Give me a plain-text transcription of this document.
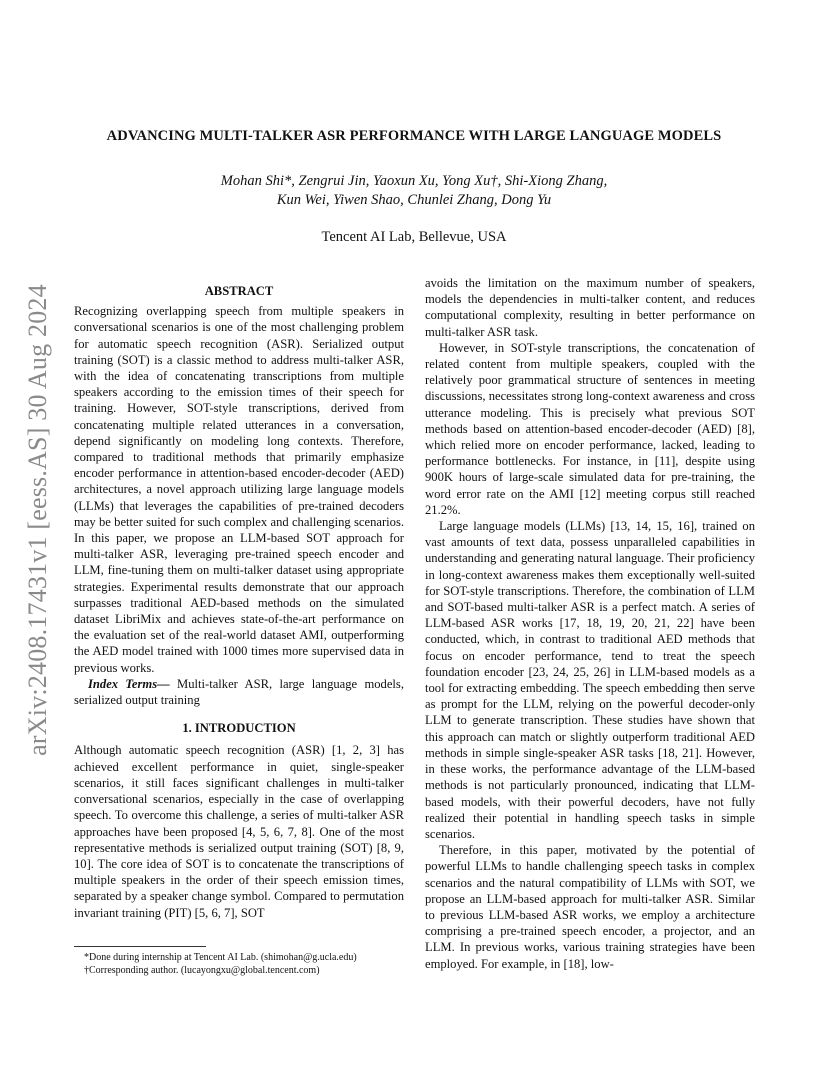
arXiv:2408.17431v1 [eess.AS] 30 Aug 2024
ADVANCING MULTI-TALKER ASR PERFORMANCE WITH LARGE LANGUAGE MODELS
Mohan Shi*, Zengrui Jin, Yaoxun Xu, Yong Xu†, Shi-Xiong Zhang,
Kun Wei, Yiwen Shao, Chunlei Zhang, Dong Yu
Tencent AI Lab, Bellevue, USA
ABSTRACT

Recognizing overlapping speech from multiple speakers in conversational scenarios is one of the most challenging problem for automatic speech recognition (ASR). Serialized output training (SOT) is a classic method to address multi-talker ASR, with the idea of concatenating transcriptions from multiple speakers according to the emission times of their speech for training. However, SOT-style transcriptions, derived from concatenating multiple related utterances in a conversation, depend significantly on modeling long contexts. Therefore, compared to traditional methods that primarily emphasize encoder performance in attention-based encoder-decoder (AED) architectures, a novel approach utilizing large language models (LLMs) that leverages the capabilities of pre-trained decoders may be better suited for such complex and challenging scenarios. In this paper, we propose an LLM-based SOT approach for multi-talker ASR, leveraging pre-trained speech encoder and LLM, fine-tuning them on multi-talker dataset using appropriate strategies. Experimental results demonstrate that our approach surpasses traditional AED-based methods on the simulated dataset LibriMix and achieves state-of-the-art performance on the evaluation set of the real-world dataset AMI, outperforming the AED model trained with 1000 times more supervised data in previous works.

Index Terms— Multi-talker ASR, large language models, serialized output training

1. INTRODUCTION

Although automatic speech recognition (ASR) [1, 2, 3] has achieved excellent performance in quiet, single-speaker scenarios, it still faces significant challenges in multi-talker conversational scenarios, especially in the case of overlapping speech. To overcome this challenge, a series of multi-talker ASR approaches have been proposed [4, 5, 6, 7, 8]. One of the most representative methods is serialized output training (SOT) [8, 9, 10]. The core idea of SOT is to concatenate the transcriptions of multiple speakers in the order of their speech emission times, separated by a speaker change symbol. Compared to permutation invariant training (PIT) [5, 6, 7], SOT

*Done during internship at Tencent AI Lab. (shimohan@g.ucla.edu)

†Corresponding author. (lucayongxu@global.tencent.com)

avoids the limitation on the maximum number of speakers, models the dependencies in multi-talker content, and reduces computational complexity, resulting in better performance on multi-talker ASR task.

However, in SOT-style transcriptions, the concatenation of related content from multiple speakers, coupled with the relatively poor grammatical structure of sentences in meeting discussions, necessitates strong long-context awareness and cross utterance modeling. This is precisely what previous SOT methods based on attention-based encoder-decoder (AED) [8], which relied more on encoder performance, lacked, leading to performance bottlenecks. For instance, in [11], despite using 900K hours of large-scale simulated data for pre-training, the word error rate on the AMI [12] meeting corpus still reached 21.2%.

Large language models (LLMs) [13, 14, 15, 16], trained on vast amounts of text data, possess unparalleled capabilities in understanding and generating natural language. Their proficiency in long-context awareness makes them exceptionally well-suited for SOT-style transcriptions. Therefore, the combination of LLM and SOT-based multi-talker ASR is a perfect match. A series of LLM-based ASR works [17, 18, 19, 20, 21, 22] have been conducted, which, in contrast to traditional AED methods that focus on encoder performance, tend to treat the speech foundation encoder [23, 24, 25, 26] in LLM-based models as a tool for extracting embedding. The speech embedding then serve as prompt for the LLM, relying on the powerful decoder-only LLM to generate transcription. These studies have shown that this approach can match or slightly outperform traditional AED methods in simple single-speaker ASR tasks [18, 21]. However, in these works, the performance advantage of the LLM-based methods is not particularly pronounced, indicating that LLM-based models, with their powerful decoders, have not fully realized their potential in handling speech tasks in simple scenarios.

Therefore, in this paper, motivated by the potential of powerful LLMs to handle challenging speech tasks in complex scenarios and the natural compatibility of LLMs with SOT, we propose an LLM-based approach for multi-talker ASR. Similar to previous LLM-based ASR works, we employ a architecture comprising a pre-trained speech encoder, a projector, and an LLM. In previous works, various training strategies have been employed. For example, in [18], low-
